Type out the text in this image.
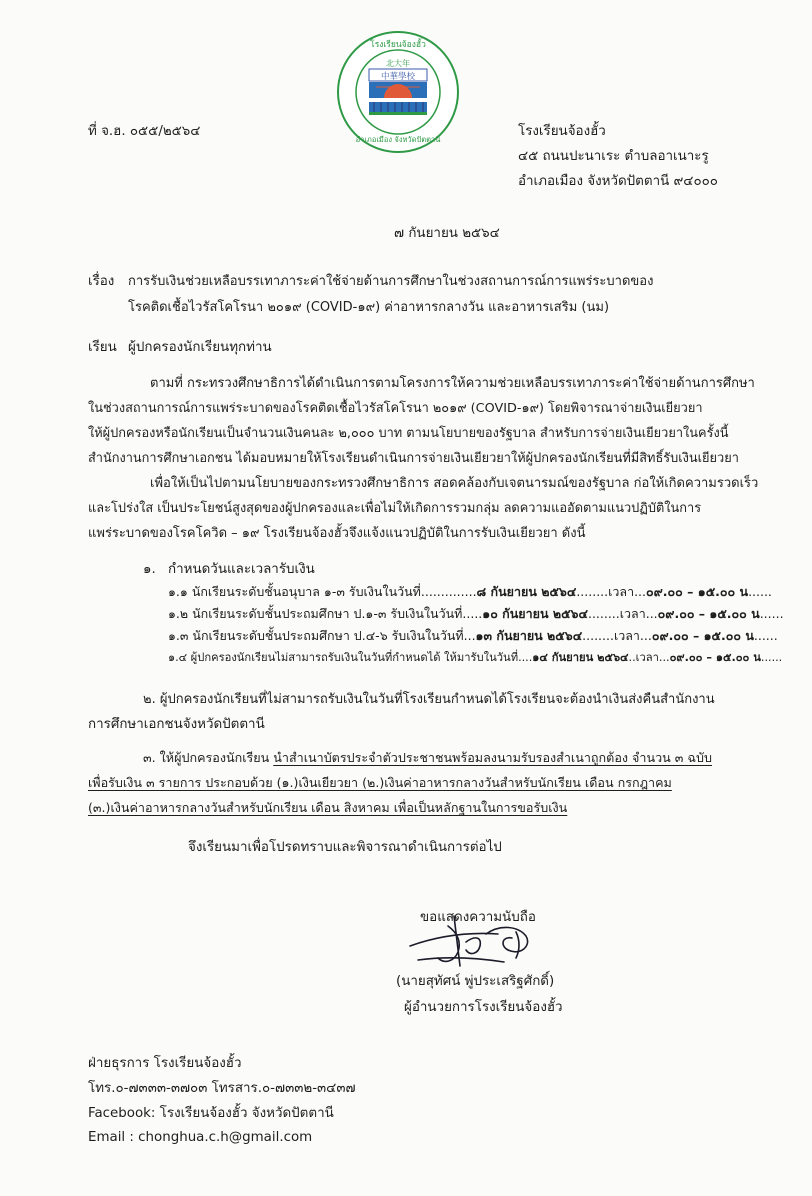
โรงเรียนจ้องฮั้ว
北大年
中華學校
อำเภอเมือง จังหวัดปัตตานี
ที่ จ.ฮ. ๐๕๕/๒๕๖๔	โรงเรียนจ้องฮั้ว
๔๕ ถนนปะนาเระ ตำบลอาเนาะรู
อำเภอเมือง จังหวัดปัตตานี ๙๔๐๐๐
๗ กันยายน ๒๕๖๔
เรื่อง การรับเงินช่วยเหลือบรรเทาภาระค่าใช้จ่ายด้านการศึกษาในช่วงสถานการณ์การแพร่ระบาดของ
โรคติดเชื้อไวรัสโคโรนา ๒๐๑๙ (COVID-๑๙) ค่าอาหารกลางวัน และอาหารเสริม (นม)
เรียน ผู้ปกครองนักเรียนทุกท่าน
ตามที่ กระทรวงศึกษาธิการได้ดำเนินการตามโครงการให้ความช่วยเหลือบรรเทาภาระค่าใช้จ่ายด้านการศึกษา
ในช่วงสถานการณ์การแพร่ระบาดของโรคติดเชื้อไวรัสโคโรนา ๒๐๑๙ (COVID-๑๙) โดยพิจารณาจ่ายเงินเยียวยา
ให้ผู้ปกครองหรือนักเรียนเป็นจำนวนเงินคนละ ๒,๐๐๐ บาท ตามนโยบายของรัฐบาล สำหรับการจ่ายเงินเยียวยาในครั้งนี้
สำนักงานการศึกษาเอกชน ได้มอบหมายให้โรงเรียนดำเนินการจ่ายเงินเยียวยาให้ผู้ปกครองนักเรียนที่มีสิทธิ์รับเงินเยียวยา
เพื่อให้เป็นไปตามนโยบายของกระทรวงศึกษาธิการ สอดคล้องกับเจตนารมณ์ของรัฐบาล ก่อให้เกิดความรวดเร็ว
และโปร่งใส เป็นประโยชน์สูงสุดของผู้ปกครองและเพื่อไม่ให้เกิดการรวมกลุ่ม ลดความแออัดตามแนวปฏิบัติในการ
แพร่ระบาดของโรคโควิด – ๑๙ โรงเรียนจ้องฮั้วจึงแจ้งแนวปฏิบัติในการรับเงินเยียวยา ดังนี้
๑. กำหนดวันและเวลารับเงิน
๑.๑ นักเรียนระดับชั้นอนุบาล ๑-๓ รับเงินในวันที่..............๘ กันยายน ๒๕๖๔........เวลา...๐๙.๐๐ – ๑๕.๐๐ น......
๑.๒ นักเรียนระดับชั้นประถมศึกษา ป.๑-๓ รับเงินในวันที่.....๑๐ กันยายน ๒๕๖๔........เวลา...๐๙.๐๐ – ๑๕.๐๐ น......
๑.๓ นักเรียนระดับชั้นประถมศึกษา ป.๔-๖ รับเงินในวันที่...๑๓ กันยายน ๒๕๖๔........เวลา...๐๙.๐๐ – ๑๕.๐๐ น......
๑.๔ ผู้ปกครองนักเรียนไม่สามารถรับเงินในวันที่กำหนดได้ ให้มารับในวันที่....๑๔ กันยายน ๒๕๖๔..เวลา...๐๙.๐๐ – ๑๕.๐๐ น......
๒. ผู้ปกครองนักเรียนที่ไม่สามารถรับเงินในวันที่โรงเรียนกำหนดได้โรงเรียนจะต้องนำเงินส่งคืนสำนักงาน
การศึกษาเอกชนจังหวัดปัตตานี
๓. ให้ผู้ปกครองนักเรียน นำสำเนาบัตรประจำตัวประชาชนพร้อมลงนามรับรองสำเนาถูกต้อง จำนวน ๓ ฉบับ
เพื่อรับเงิน ๓ รายการ ประกอบด้วย (๑.)เงินเยียวยา (๒.)เงินค่าอาหารกลางวันสำหรับนักเรียน เดือน กรกฎาคม
(๓.)เงินค่าอาหารกลางวันสำหรับนักเรียน เดือน สิงหาคม เพื่อเป็นหลักฐานในการขอรับเงิน
จึงเรียนมาเพื่อโปรดทราบและพิจารณาดำเนินการต่อไป
ขอแสดงความนับถือ
(นายสุทัศน์ พู่ประเสริฐศักดิ์)
ผู้อำนวยการโรงเรียนจ้องฮั้ว
ฝ่ายธุรการ โรงเรียนจ้องฮั้ว
โทร.๐-๗๓๓๓-๓๗๐๓ โทรสาร.๐-๗๓๓๒-๓๔๓๗
Facebook: โรงเรียนจ้องฮั้ว จังหวัดปัตตานี
Email : chonghua.c.h@gmail.com
